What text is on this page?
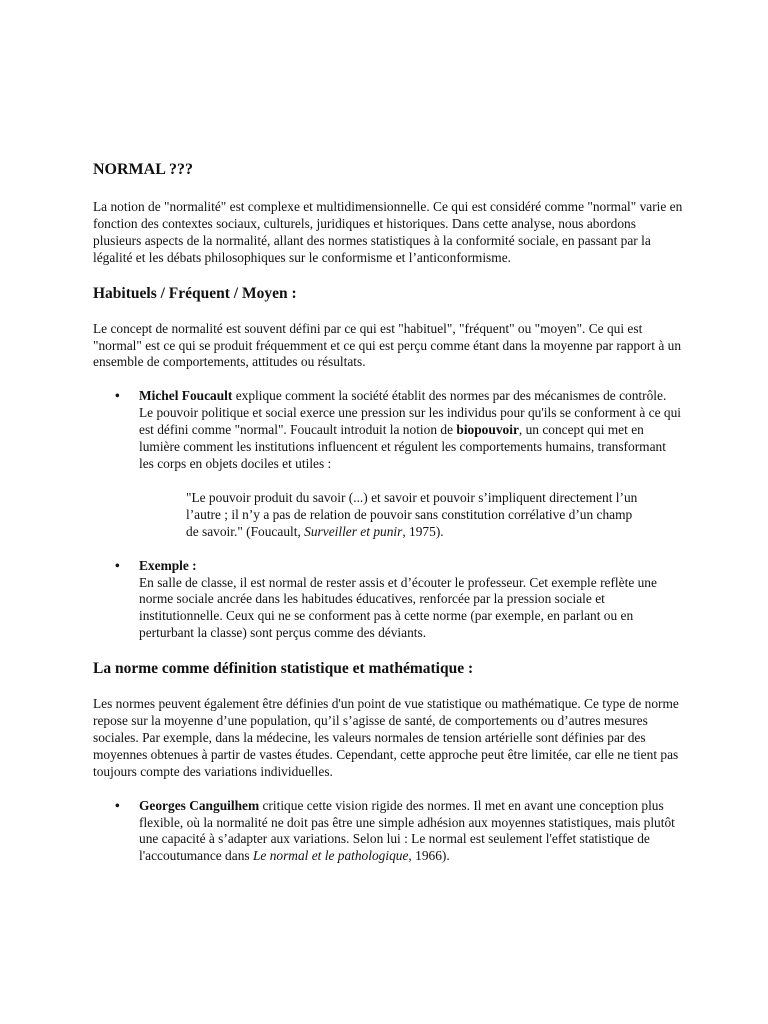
NORMAL ???

La notion de "normalité" est complexe et multidimensionnelle. Ce qui est considéré comme "normal" varie en fonction des contextes sociaux, culturels, juridiques et historiques. Dans cette analyse, nous abordons plusieurs aspects de la normalité, allant des normes statistiques à la conformité sociale, en passant par la légalité et les débats philosophiques sur le conformisme et l’anticonformisme.

Habituels / Fréquent / Moyen :

Le concept de normalité est souvent défini par ce qui est "habituel", "fréquent" ou "moyen". Ce qui est "normal" est ce qui se produit fréquemment et ce qui est perçu comme étant dans la moyenne par rapport à un ensemble de comportements, attitudes ou résultats.

• Michel Foucault explique comment la société établit des normes par des mécanismes de contrôle. Le pouvoir politique et social exerce une pression sur les individus pour qu'ils se conforment à ce qui est défini comme "normal". Foucault introduit la notion de biopouvoir, un concept qui met en lumière comment les institutions influencent et régulent les comportements humains, transformant les corps en objets dociles et utiles :

"Le pouvoir produit du savoir (...) et savoir et pouvoir s’impliquent directement l’un l’autre ; il n’y a pas de relation de pouvoir sans constitution corrélative d’un champ de savoir." (Foucault, Surveiller et punir, 1975).

• Exemple :
En salle de classe, il est normal de rester assis et d’écouter le professeur. Cet exemple reflète une norme sociale ancrée dans les habitudes éducatives, renforcée par la pression sociale et institutionnelle. Ceux qui ne se conforment pas à cette norme (par exemple, en parlant ou en perturbant la classe) sont perçus comme des déviants.
La norme comme définition statistique et mathématique :

Les normes peuvent également être définies d'un point de vue statistique ou mathématique. Ce type de norme repose sur la moyenne d’une population, qu’il s’agisse de santé, de comportements ou d’autres mesures sociales. Par exemple, dans la médecine, les valeurs normales de tension artérielle sont définies par des moyennes obtenues à partir de vastes études. Cependant, cette approche peut être limitée, car elle ne tient pas toujours compte des variations individuelles.

• Georges Canguilhem critique cette vision rigide des normes. Il met en avant une conception plus flexible, où la normalité ne doit pas être une simple adhésion aux moyennes statistiques, mais plutôt une capacité à s’adapter aux variations. Selon lui : Le normal est seulement l'effet statistique de l'accoutumance dans Le normal et le pathologique, 1966).
